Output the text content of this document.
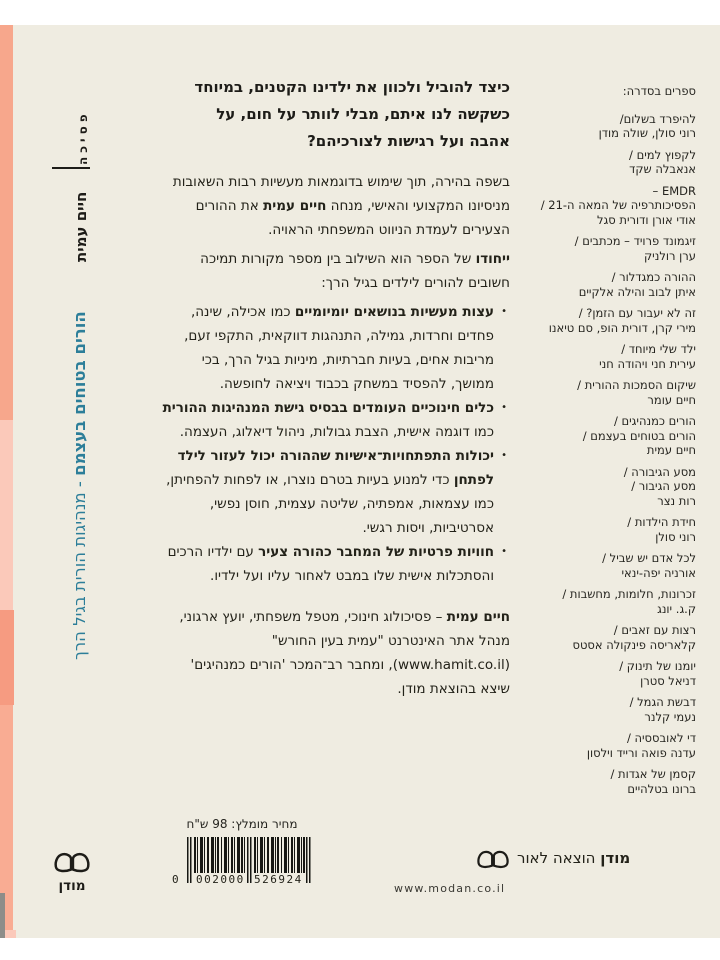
פסיכה
חיים עמית
הורים בטוחים בעצמם - מנהיגות הורית בגיל הרך

כיצד להוביל ולכוון את ילדינו הקטנים, במיוחד כשקשה לנו איתם, מבלי לוותר על חום, על אהבה ועל רגישות לצורכיהם?

בשפה בהירה, תוך שימוש בדוגמאות מעשיות רבות השאובות מניסיונו המקצועי והאישי, מנחה חיים עמית את ההורים הצעירים לעמדת הניווט המשפחתי הראויה.

ייחודו של הספר הוא השילוב בין מספר מקורות תמיכה חשובים להורים לילדים בגיל הרך:

• עצות מעשיות בנושאים יומיומיים כמו אכילה, שינה, פחדים וחרדות, גמילה, התנהגות דווקאית, התקפי זעם, מריבות אחים, בעיות חברתיות, מיניות בגיל הרך, בכי ממושך, להפסיד במשחק בכבוד ויציאה לחופשה.
• כלים חינוכיים העומדים בבסיס גישת המנהיגות ההורית כמו דוגמה אישית, הצבת גבולות, ניהול דיאלוג, העצמה.
• יכולות התפתחויות־אישיות שההורה יכול לעזור לילד לפתחן כדי למנוע בעיות בטרם נוצרו, או לפחות להפחיתן, כמו עצמאות, אמפתיה, שליטה עצמית, חוסן נפשי, אסרטיביות, ויסות רגשי.
• חוויות פרטיות של המחבר כהורה צעיר עם ילדיו הרכים והסתכלות אישית שלו במבט לאחור עליו ועל ילדיו.

חיים עמית – פסיכולוג חינוכי, מטפל משפחתי, יועץ ארגוני, מנהל אתר האינטרנט "עמית בעין החורש" (www.hamit.co.il), ומחבר רב־המכר 'הורים כמנהיגים' שיצא בהוצאת מודן.

ספרים בסדרה:
להיפרד בשלום/
רוני סולן, שולה מודן
לקפוץ למים /
אנאבלה שקד
EMDR –
הפסיכותרפיה של המאה ה-21 /
אודי אורן ודורית סגל
זיגמונד פרויד – מכתבים /
ערן רולניק
ההורה כמגדלור /
איתן לבוב והילה אלקיים
זה לא יעבור עם הזמן? /
מירי קרן, דורית הופ, סם טיאנו
ילד שלי מיוחד /
עירית חני ויהודה חני
שיקום הסמכות ההורית /
חיים עומר
הורים כמנהיגים /
הורים בטוחים בעצמם /
חיים עמית
מסע הגיבורה /
מסע הגיבור /
רות נצר
חידת הילדות /
רוני סולן
לכל אדם יש שביל /
אורניה יפה-ינאי
זכרונות, חלומות, מחשבות /
ק.ג. יונג
רצות עם זאבים /
קלאריסה פינקולה אסטס
יומנו של תינוק /
דניאל סטרן
דבשת הגמל /
נעמי קלנר
די לאובססיה /
עדנה פואה ורייד וילסון
קסמן של אגדות /
ברונו בטלהיים
מחיר מומלץ: 98 ש"ח
0 002000 526924
מודן הוצאה לאור
www.modan.co.il
מודן
